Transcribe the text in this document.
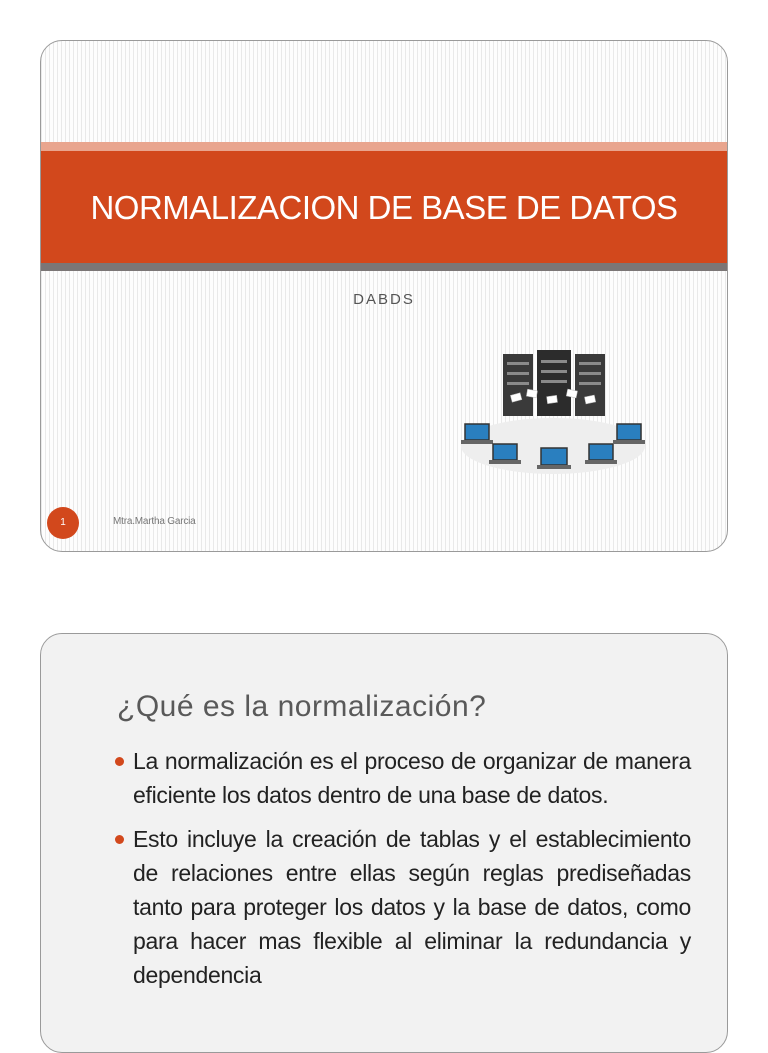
NORMALIZACION DE BASE DE DATOS
DABDS
1	Mtra.Martha Garcia
¿Qué es la normalización?
La normalización es el proceso de organizar de manera eficiente los datos dentro de una base de datos.
Esto incluye la creación de tablas y el establecimiento de relaciones entre ellas según reglas prediseñadas tanto para proteger los datos y la base de datos, como para hacer mas flexible al eliminar la redundancia y dependencia
